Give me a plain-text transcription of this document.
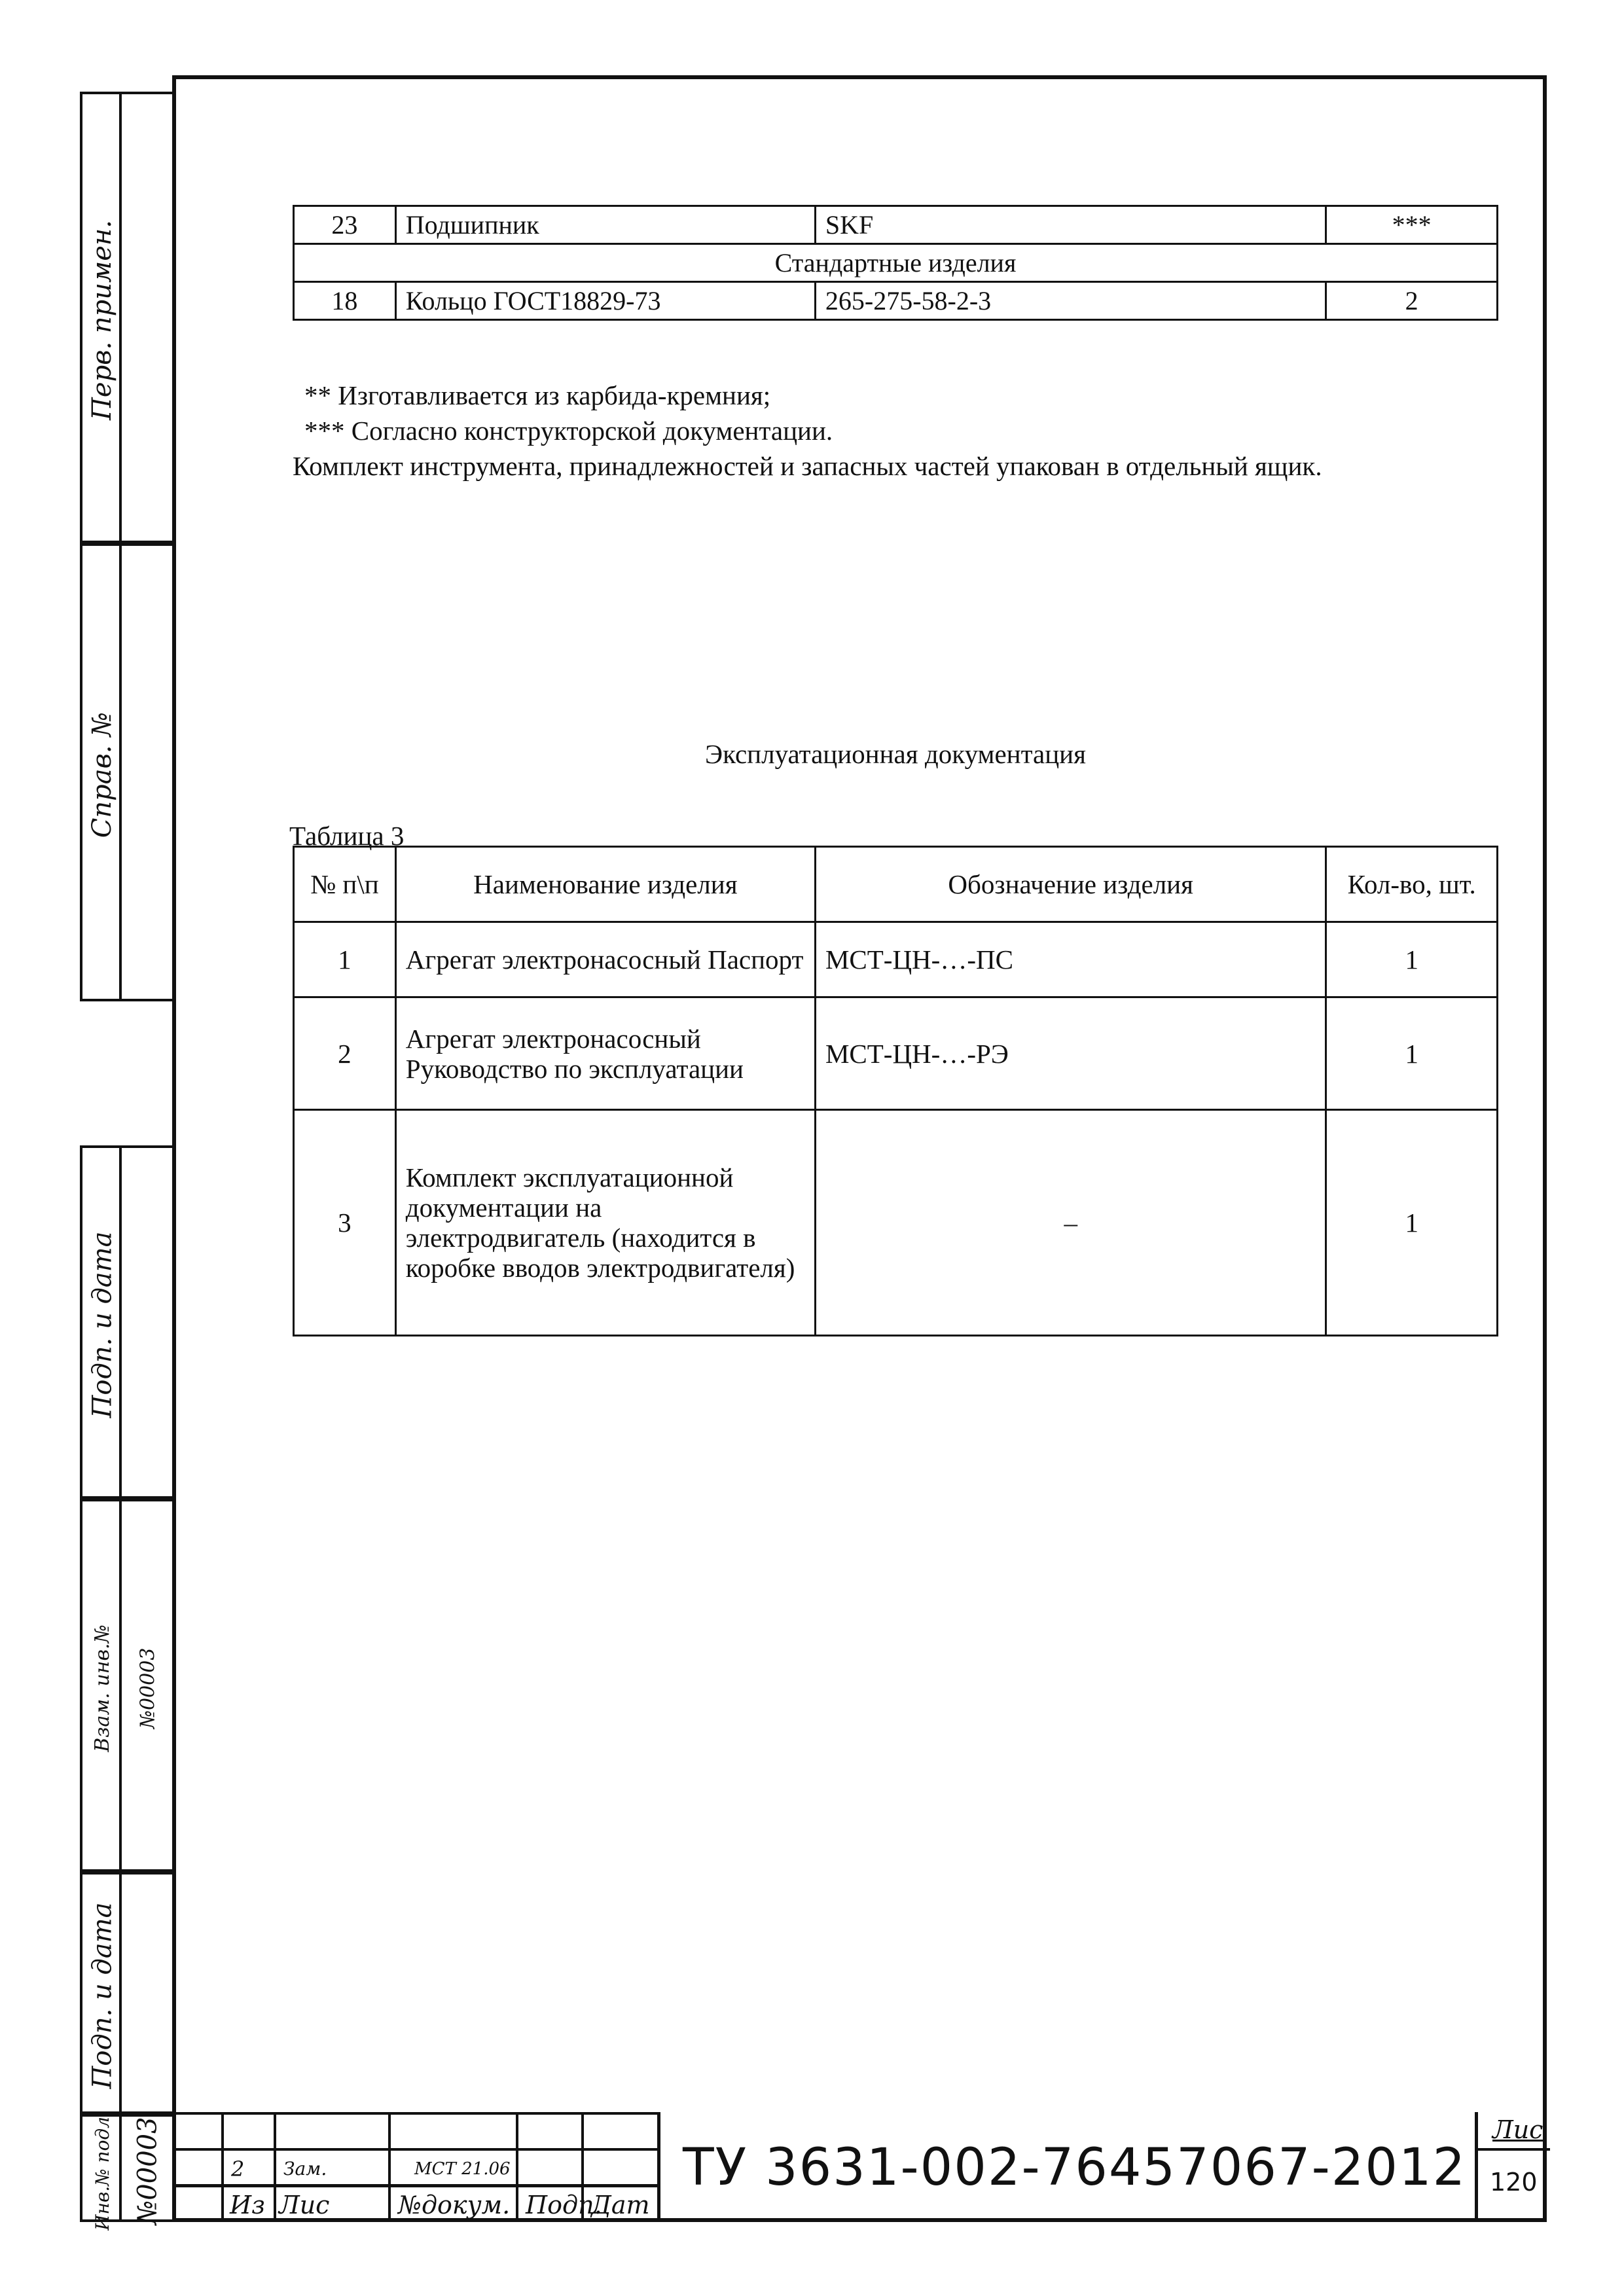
Перв. примен.
Справ. №
Подп. и дата
Взам. инв.№ №00003
Подп. и дата
Инв.№ подл. №00003
23	Подшипник	SKF	***
Стандартные изделия			
18	Кольцо ГОСТ18829-73	265-275-58-2-3	2

** Изготавливается из карбида-кремния;

*** Согласно конструкторской документации.

Комплект инструмента, принадлежностей и запасных частей упакован в отдельный ящик.

Эксплуатационная документация
Таблица 3
№ п\п	Наименование изделия	Обозначение изделия	Кол-во, шт.
1	Агрегат электронасосный Паспорт	МСТ-ЦН-…-ПС	1
2	Агрегат электронасосный Руководство по эксплуатации	МСТ-ЦН-…-РЭ	1
3	Комплект эксплуатационной документации на электродвигатель (находится в коробке вводов электродвигателя)	–	1
2 Зам.	МСТ 21.06
Из Лис	№докум. Подп.
Дат
ТУ 3631-002-76457067-2012
Лис
120
